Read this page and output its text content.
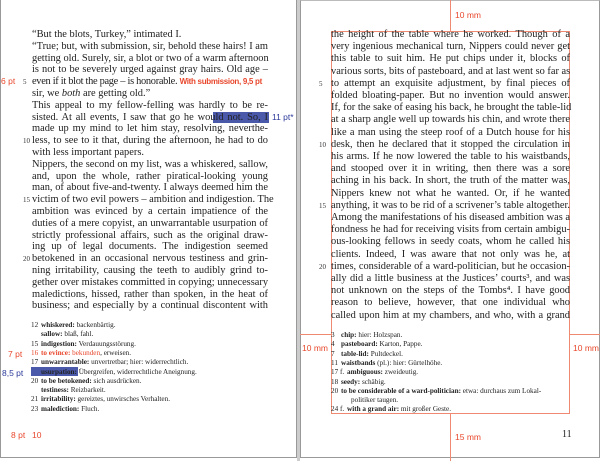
6 pt
11 pt*
7 pt
8,5 pt
8 pt 10
10 mm
10 mm	10 mm
15 mm	11
“But the blots, Turkey,” intimated I.
“True; but, with submission, sir, behold these hairs! I am
getting old. Surely, sir, a blot or two of a warm afternoon
is not to be severely urged against gray hairs. Old age –
even if it blot the page – is honorable. With submission, 9,5 pt
sir, we both are getting old.”
This appeal to my fellow-felling was hardly to be re-
sisted. At all events, I saw that go he would not. So, I
made up my mind to let him stay, resolving, neverthe-
less, to see to it that, during the afternoon, he had to do
with less important papers.
Nippers, the second on my list, was a whiskered, sallow,
and, upon the whole, rather piratical-looking young
man, of about five-and-twenty. I always deemed him the
victim of two evil powers – ambition and indigestion. The
ambition was evinced by a certain impatience of the
duties of a mere copyist, an unwarrantable usurpation of
strictly professional affairs, such as the original draw-
ing up of legal documents. The indigestion seemed
betokened in an occasional nervous testiness and grin-
ning irritability, causing the teeth to audibly grind to-
gether over mistakes committed in copying; unnecessary
maledictions, hissed, rather than spoken, in the heat of
business; and especially by a continual discontent with
5
10
15
20
the height of the table where he worked. Though of a
very ingenious mechanical turn, Nippers could never get
this table to suit him. He put chips under it, blocks of
various sorts, bits of pasteboard, and at last went so far as
to attempt an exquisite adjustment, by final pieces of
folded bloating-paper. But no invention would answer.
If, for the sake of easing his back, he brought the table-lid
at a sharp angle well up towards his chin, and wrote there
like a man using the steep roof of a Dutch house for his
desk, then he declared that it stopped the circulation in
his arms. If he now lowered the table to his waistbands,
and stooped over it in writing, then there was a sore
aching in his back. In short, the truth of the matter was,
Nippers knew not what he wanted. Or, if he wanted
anything, it was to be rid of a scrivener’s table altogether.
Among the manifestations of his diseased ambition was a
fondness he had for receiving visits from certain ambigu-
ous-looking fellows in seedy coats, whom he called his
clients. Indeed, I was aware that not only was he, at
times, considerable of a ward-politician, but he occasion-
ally did a little business at the Justices’ courts³, and was
not unknown on the steps of the Tombs⁴. I have good
reason to believe, however, that one individual who
called upon him at my chambers, and who, with a grand
5
10
15
20
12 whiskered: backenbärtig.
sallow: blaß, fahl.
15 indigestion: Verdauungsstörung.
16 to evince: bekunden, erweisen.
17 unwarrantable: unvertretbar; hier: widerrechtlich.
usurpation: Übergreifen, widerrechtliche Aneignung.
20 to be betokened: sich ausdrücken.
testiness: Reizbarkeit.
21 irritability: gereiztes, unwirsches Verhalten.
23 malediction: Fluch.
3 chip: hier: Holzspan.
4 pasteboard: Karton, Pappe.
7 table-lid: Pultdeckel.
11 waistbands (pl.): hier: Gürtelhöhe.
17 f. ambiguous: zweideutig.
18 seedy: schäbig.
20 to be considerable of a ward-politician: etwa: durchaus zum Lokal-
politiker taugen.
24 f. with a grand air: mit großer Geste.
